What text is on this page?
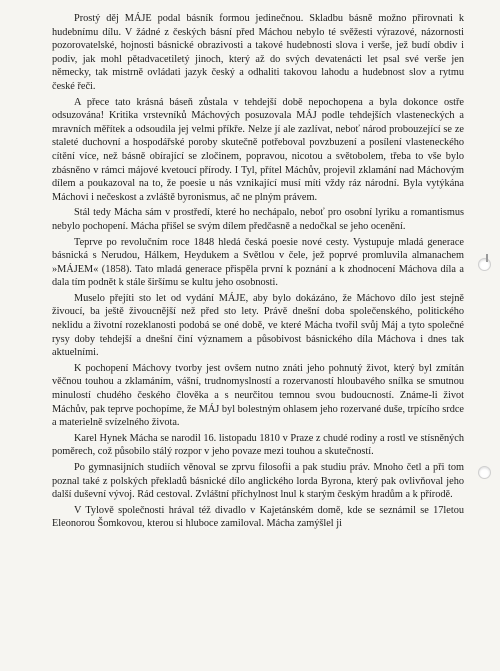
Prostý děj MÁJE podal básník formou jedinečnou. Skladbu básně možno přirovnati k hudebnímu dílu. V žádné z českých básní před Máchou nebylo té svěžesti výrazové, názornosti pozorovatelské, hojnosti básnické obrazivosti a takové hudebnosti slova i verše, jež budí obdiv i podiv, jak mohl pětadvacetiletý jinoch, který až do svých devatenácti let psal své verše jen německy, tak mistrně ovládati jazyk český a odhaliti takovou lahodu a hudebnost slov a rytmu české řeči.

A přece tato krásná báseň zůstala v tehdejší době nepochopena a byla dokonce ostře odsuzována! Kritika vrstevníků Máchových posuzovala MÁJ podle tehdejších vlasteneckých a mravních měřítek a odsoudila jej velmi příkře. Nelze jí ale zazlívat, neboť národ probouzející se ze staleté duchovní a hospodářské poroby skutečně potřeboval povzbuzení a posílení vlasteneckého cítění více, než básně obírající se zločinem, popravou, nicotou a světobolem, třeba to vše bylo zbásněno v rámci májové kvetoucí přírody. I Tyl, přítel Máchův, projevil zklamání nad Máchovým dílem a poukazoval na to, že poesie u nás vznikající musí míti vždy ráz národní. Byla vytýkána Máchovi i nečeskost a zvláště byronismus, ač ne plným právem.

Stál tedy Mácha sám v prostředí, které ho nechápalo, neboť pro osobní lyriku a romantismus nebylo pochopení. Mácha přišel se svým dílem předčasně a nedočkal se jeho ocenění.

Teprve po revolučním roce 1848 hledá česká poesie nové cesty. Vystupuje mladá generace básnická s Nerudou, Hálkem, Heydukem a Světlou v čele, jež poprvé promluvila almanachem »MÁJEM« (1858). Tato mladá generace přispěla první k poznání a k zhodnocení Máchova díla a dala tím podnět k stále širšímu se kultu jeho osobnosti.

Muselo přejíti sto let od vydání MÁJE, aby bylo dokázáno, že Máchovo dílo jest stejně živoucí, ba ještě živoucnější než před sto lety. Právě dnešní doba společenského, politického neklidu a životní rozeklanosti podobá se oné době, ve které Mácha tvořil svůj Máj a tyto společné rysy doby tehdejší a dnešní činí významem a působivost básnického díla Máchova i dnes tak aktuelními.

K pochopení Máchovy tvorby jest ovšem nutno znáti jeho pohnutý život, který byl zmítán věčnou touhou a zklamáním, vášní, trudnomyslností a rozervaností hloubavého snílka se smutnou minulostí chudého českého člověka a s neurčitou temnou svou budoucností. Známe-li život Máchův, pak teprve pochopíme, že MÁJ byl bolestným ohlasem jeho rozervané duše, trpícího srdce a materielně svízelného života.

Karel Hynek Mácha se narodil 16. listopadu 1810 v Praze z chudé rodiny a rostl ve stísněných poměrech, což působilo stálý rozpor v jeho povaze mezi touhou a skutečností.

Po gymnasijních studiích věnoval se zprvu filosofii a pak studiu práv. Mnoho četl a při tom poznal také z polských překladů básnické dílo anglického lorda Byrona, který pak ovlivňoval jeho další duševní vývoj. Rád cestoval. Zvláštní příchylnost lnul k starým českým hradům a k přírodě.

V Tylově společnosti hrával též divadlo v Kajetánském domě, kde se seznámil se 17letou Eleonorou Šomkovou, kterou si hluboce zamiloval. Mácha zamýšlel ji
